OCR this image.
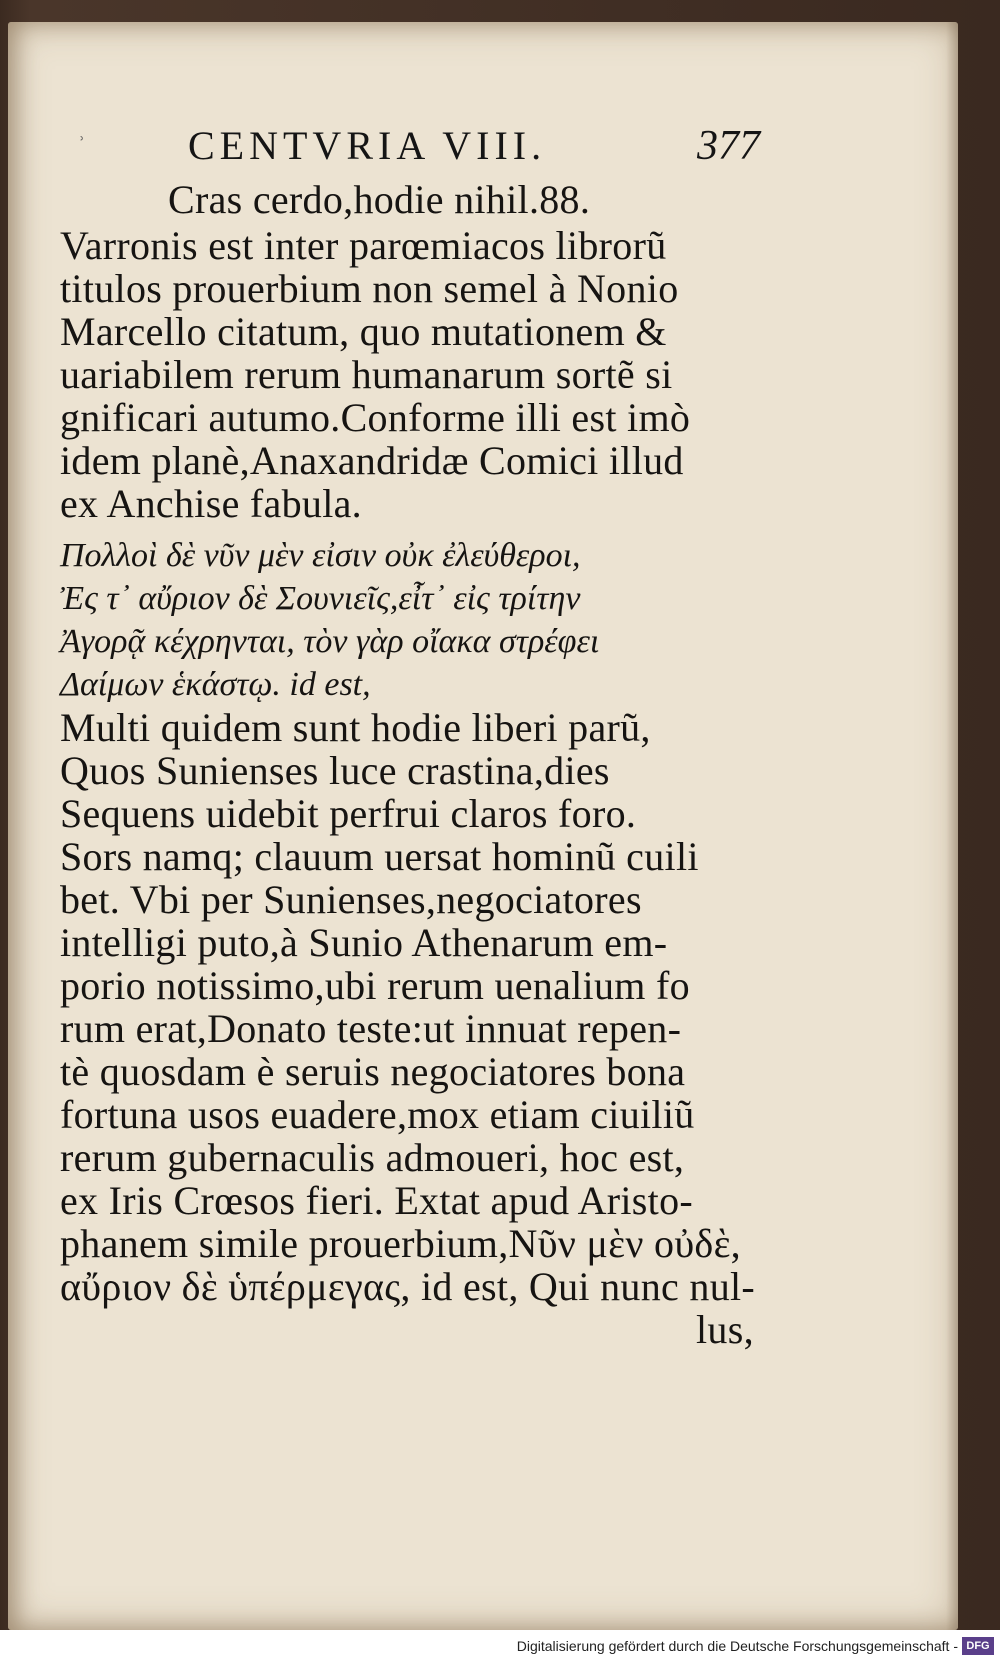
ʾ	CENTVRIA VIII.	377
Cras cerdo,hodie nihil.88.
Varronis est inter parœmiacos librorũ
titulos prouerbium non semel à Nonio
Marcello citatum, quo mutationem &
uariabilem rerum humanarum sortẽ si
gnificari autumo.Conforme illi est imò
idem planè,Anaxandridæ Comici illud
ex Anchise fabula.
Πολλοὶ δὲ νῦν μὲν εἰσιν οὐκ ἐλεύθεροι,
Ἐς τ᾽ αὔριον δὲ Σουνιεῖς,εἶτ᾽ εἰς τρίτην
Ἀγορᾷ κέχρηνται, τὸν γὰρ οἴακα στρέφει
Δαίμων ἑκάστῳ. id est,
Multi quidem sunt hodie liberi parũ,
Quos Sunienses luce crastina,dies
Sequens uidebit perfrui claros foro.
Sors namq; clauum uersat hominũ cuili
bet. Vbi per Sunienses,negociatores
intelligi puto,à Sunio Athenarum em-
porio notissimo,ubi rerum uenalium fo
rum erat,Donato teste:ut innuat repen-
tè quosdam è seruis negociatores bona
fortuna usos euadere,mox etiam ciuiliũ
rerum gubernaculis admoueri, hoc est,
ex Iris Crœsos fieri. Extat apud Aristo-
phanem simile prouerbium,Νῦν μὲν οὐδὲ,
αὔριον δὲ ὑπέρμεγας, id est, Qui nunc nul-
lus,
Digitalisierung gefördert durch die Deutsche Forschungsgemeinschaft - DFG
